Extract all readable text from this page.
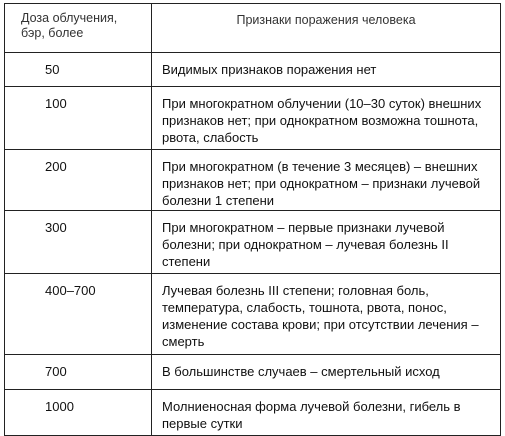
Доза облучения,
бэр, более	Признаки поражения человека

50	Видимых признаков поражения нет

100	При многократном облучении (10–30 суток) внешних признаков нет; при однократном возможна тошнота, рвота, слабость

200	При многократном (в течение 3 месяцев) – внешних признаков нет; при однократном – признаки лучевой болезни 1 степени

300	При многократном – первые признаки лучевой болезни; при однократном – лучевая болезнь II степени

400–700	Лучевая болезнь III степени; головная боль, температура, слабость, тошнота, рвота, понос, изменение состава крови; при отсутствии лечения – смерть

700	В большинстве случаев – смертельный исход

1000	Молниеносная форма лучевой болезни, гибель в первые сутки
